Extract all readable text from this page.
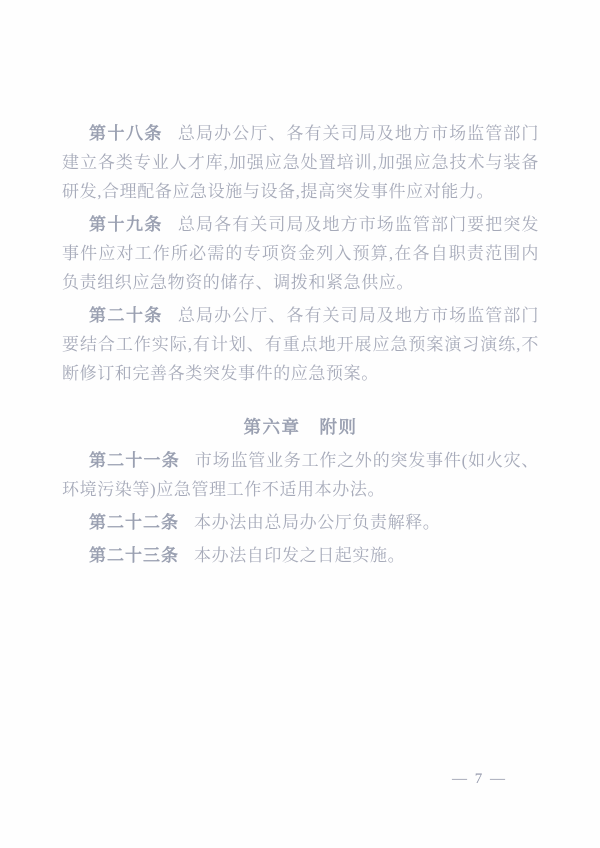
第十八条 总局办公厅、各有关司局及地方市场监管部门建立各类专业人才库,加强应急处置培训,加强应急技术与装备研发,合理配备应急设施与设备,提高突发事件应对能力。

第十九条 总局各有关司局及地方市场监管部门要把突发事件应对工作所必需的专项资金列入预算,在各自职责范围内负责组织应急物资的储存、调拨和紧急供应。

第二十条 总局办公厅、各有关司局及地方市场监管部门要结合工作实际,有计划、有重点地开展应急预案演习演练,不断修订和完善各类突发事件的应急预案。

第六章　附则

第二十一条 市场监管业务工作之外的突发事件(如火灾、环境污染等)应急管理工作不适用本办法。

第二十二条 本办法由总局办公厅负责解释。

第二十三条 本办法自印发之日起实施。

— 7 —
